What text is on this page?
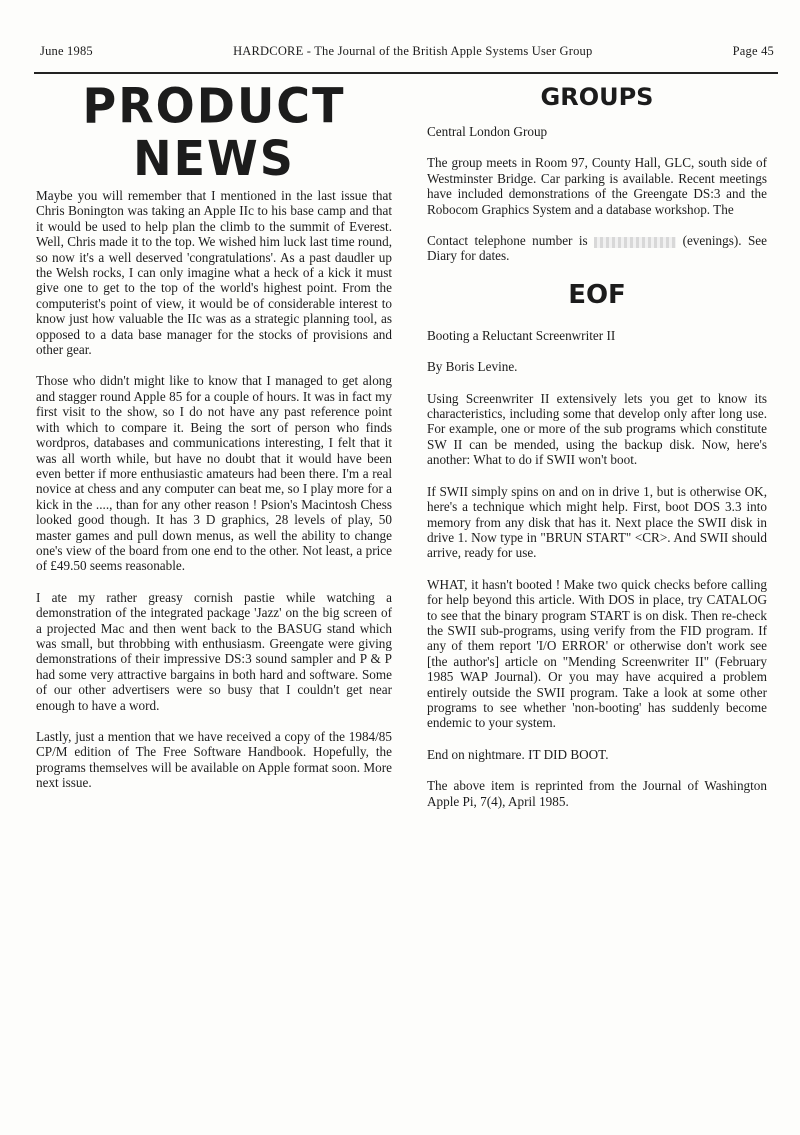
June 1985	HARDCORE - The Journal of the British Apple Systems User Group	Page 45
PRODUCT NEWS

Maybe you will remember that I mentioned in the last issue that Chris Bonington was taking an Apple IIc to his base camp and that it would be used to help plan the climb to the summit of Everest. Well, Chris made it to the top. We wished him luck last time round, so now it's a well deserved 'congratulations'. As a past daudler up the Welsh rocks, I can only imagine what a heck of a kick it must give one to get to the top of the world's highest point. From the computerist's point of view, it would be of considerable interest to know just how valuable the IIc was as a strategic planning tool, as opposed to a data base manager for the stocks of provisions and other gear.

Those who didn't might like to know that I managed to get along and stagger round Apple 85 for a couple of hours. It was in fact my first visit to the show, so I do not have any past reference point with which to compare it. Being the sort of person who finds wordpros, databases and communications interesting, I felt that it was all worth while, but have no doubt that it would have been even better if more enthusiastic amateurs had been there. I'm a real novice at chess and any computer can beat me, so I play more for a kick in the ...., than for any other reason ! Psion's Macintosh Chess looked good though. It has 3 D graphics, 28 levels of play, 50 master games and pull down menus, as well the ability to change one's view of the board from one end to the other. Not least, a price of £49.50 seems reasonable.

I ate my rather greasy cornish pastie while watching a demonstration of the integrated package 'Jazz' on the big screen of a projected Mac and then went back to the BASUG stand which was small, but throbbing with enthusiasm. Greengate were giving demonstrations of their impressive DS:3 sound sampler and P & P had some very attractive bargains in both hard and software. Some of our other advertisers were so busy that I couldn't get near enough to have a word.

Lastly, just a mention that we have received a copy of the 1984/85 CP/M edition of The Free Software Handbook. Hopefully, the programs themselves will be available on Apple format soon. More next issue.

GROUPS

Central London Group

The group meets in Room 97, County Hall, GLC, south side of Westminster Bridge. Car parking is available. Recent meetings have included demonstrations of the Greengate DS:3 and the Robocom Graphics System and a database workshop. The

Contact telephone number is	(evenings). See Diary for dates.

EOF

Booting a Reluctant Screenwriter II

By Boris Levine.

Using Screenwriter II extensively lets you get to know its characteristics, including some that develop only after long use. For example, one or more of the sub programs which constitute SW II can be mended, using the backup disk. Now, here's another: What to do if SWII won't boot.

If SWII simply spins on and on in drive 1, but is otherwise OK, here's a technique which might help. First, boot DOS 3.3 into memory from any disk that has it. Next place the SWII disk in drive 1. Now type in "BRUN START" <CR>. And SWII should arrive, ready for use.

WHAT, it hasn't booted ! Make two quick checks before calling for help beyond this article. With DOS in place, try CATALOG to see that the binary program START is on disk. Then re-check the SWII sub-programs, using verify from the FID program. If any of them report 'I/O ERROR' or otherwise don't work see [the author's] article on "Mending Screenwriter II" (February 1985 WAP Journal). Or you may have acquired a problem entirely outside the SWII program. Take a look at some other programs to see whether 'non-booting' has suddenly become endemic to your system.

End on nightmare. IT DID BOOT.

The above item is reprinted from the Journal of Washington Apple Pi, 7(4), April 1985.
